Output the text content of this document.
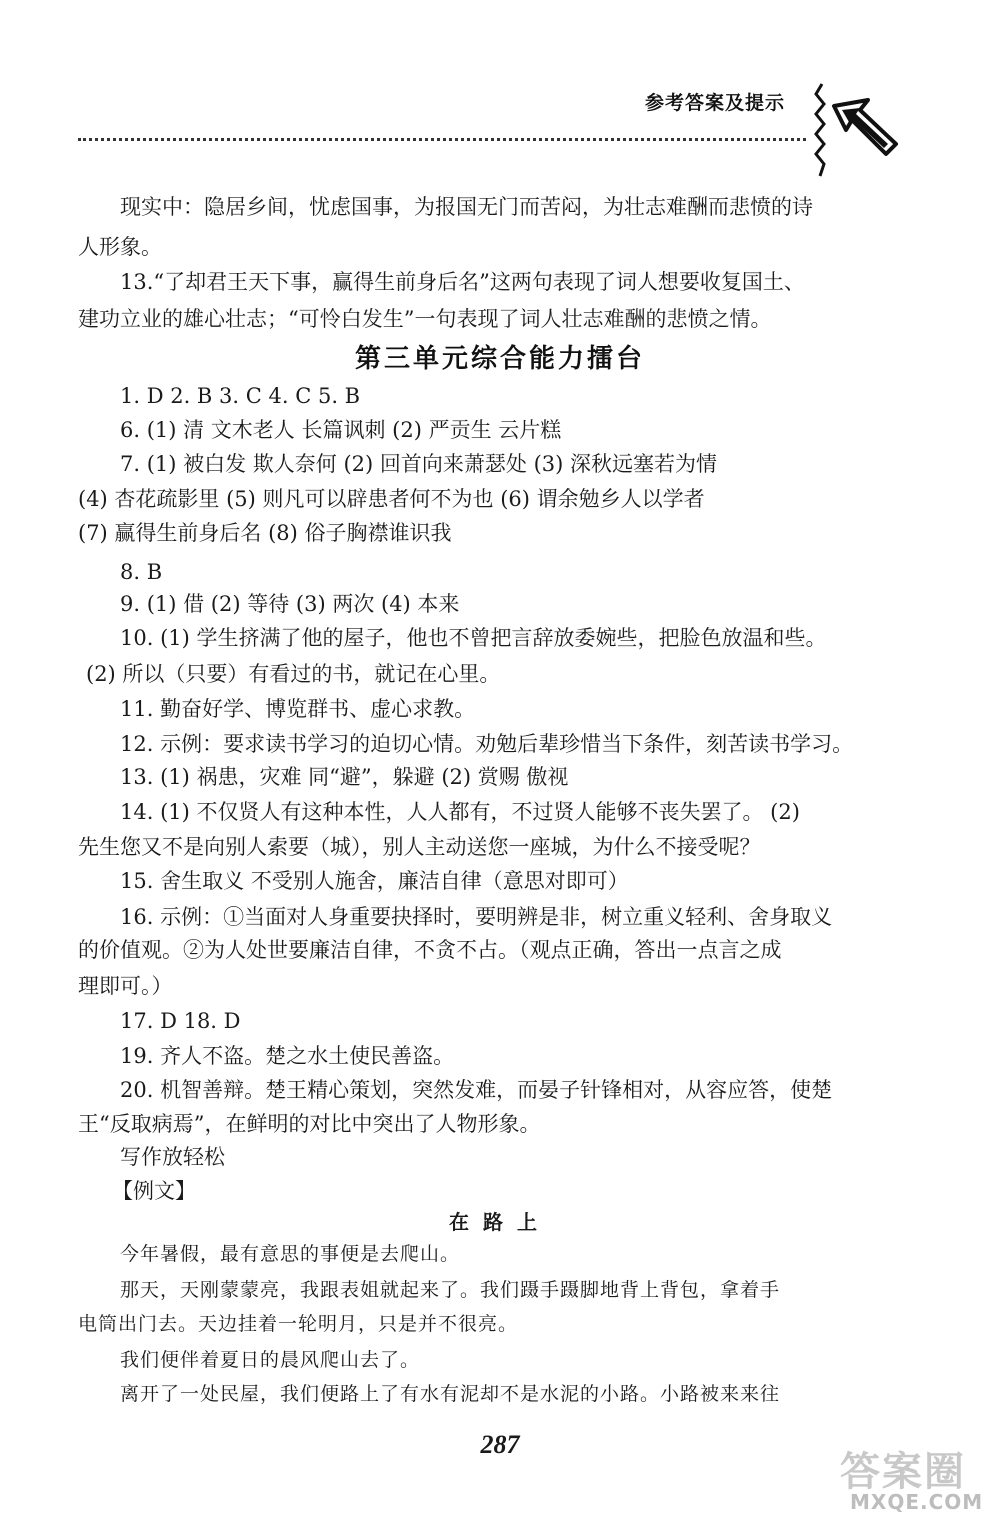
参考答案及提示
现实中：隐居乡间，忧虑国事，为报国无门而苦闷，为壮志难酬而悲愤的诗
人形象。
13.“了却君王天下事，赢得生前身后名”这两句表现了词人想要收复国土、
建功立业的雄心壮志；“可怜白发生”一句表现了词人壮志难酬的悲愤之情。
第三单元综合能力擂台
1. D 2. B 3. C 4. C 5. B
6. (1) 清 文木老人 长篇讽刺 (2) 严贡生 云片糕
7. (1) 被白发 欺人奈何 (2) 回首向来萧瑟处 (3) 深秋远塞若为情
(4) 杏花疏影里 (5) 则凡可以辟患者何不为也 (6) 谓余勉乡人以学者
(7) 赢得生前身后名 (8) 俗子胸襟谁识我
8. B
9. (1) 借 (2) 等待 (3) 两次 (4) 本来
10. (1) 学生挤满了他的屋子，他也不曾把言辞放委婉些，把脸色放温和些。
(2) 所以（只要）有看过的书，就记在心里。
11. 勤奋好学、博览群书、虚心求教。
12. 示例：要求读书学习的迫切心情。劝勉后辈珍惜当下条件，刻苦读书学习。
13. (1) 祸患，灾难 同“避”，躲避 (2) 赏赐 傲视
14. (1) 不仅贤人有这种本性，人人都有，不过贤人能够不丧失罢了。 (2)
先生您又不是向别人索要（城），别人主动送您一座城，为什么不接受呢？
15. 舍生取义 不受别人施舍，廉洁自律（意思对即可）
16. 示例：①当面对人身重要抉择时，要明辨是非，树立重义轻利、舍身取义
的价值观。②为人处世要廉洁自律，不贪不占。（观点正确，答出一点言之成
理即可。）
17. D 18. D
19. 齐人不盗。楚之水土使民善盗。
20. 机智善辩。楚王精心策划，突然发难，而晏子针锋相对，从容应答，使楚
王“反取病焉”，在鲜明的对比中突出了人物形象。
写作放轻松
【例文】
在路上
今年暑假，最有意思的事便是去爬山。
那天，天刚蒙蒙亮，我跟表姐就起来了。我们蹑手蹑脚地背上背包，拿着手
电筒出门去。天边挂着一轮明月，只是并不很亮。
我们便伴着夏日的晨风爬山去了。
离开了一处民屋，我们便路上了有水有泥却不是水泥的小路。小路被来来往
287
答案圈
MXQE.COM
